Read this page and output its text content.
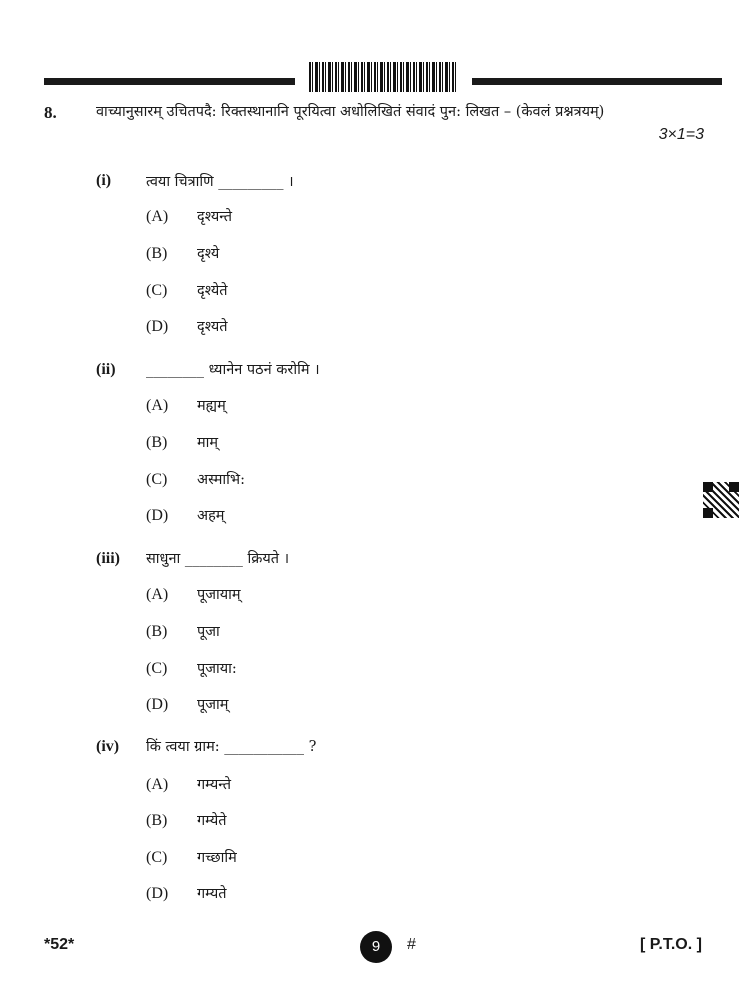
8.	वाच्यानुसारम् उचितपदै: रिक्तस्थानानि पूरयित्वा अधोलिखितं संवादं पुन: लिखत – (केवलं प्रश्नत्रयम्)
3×1=3
(i) त्वया चित्राणि _________ ।
(A) दृश्यन्ते
(B) दृश्ये
(C) दृश्येते
(D) दृश्यते
(ii) ________ ध्यानेन पठनं करोमि ।
(A) मह्यम्
(B) माम्
(C) अस्माभि:
(D) अहम्
(iii) साधुना ________ क्रियते ।
(A) पूजायाम्
(B) पूजा
(C) पूजाया:
(D) पूजाम्
(iv) किं त्वया ग्राम: ___________ ?
(A) गम्यन्ते
(B) गम्येते
(C) गच्छामि
(D) गम्यते
*52*	9	#	[ P.T.O. ]
